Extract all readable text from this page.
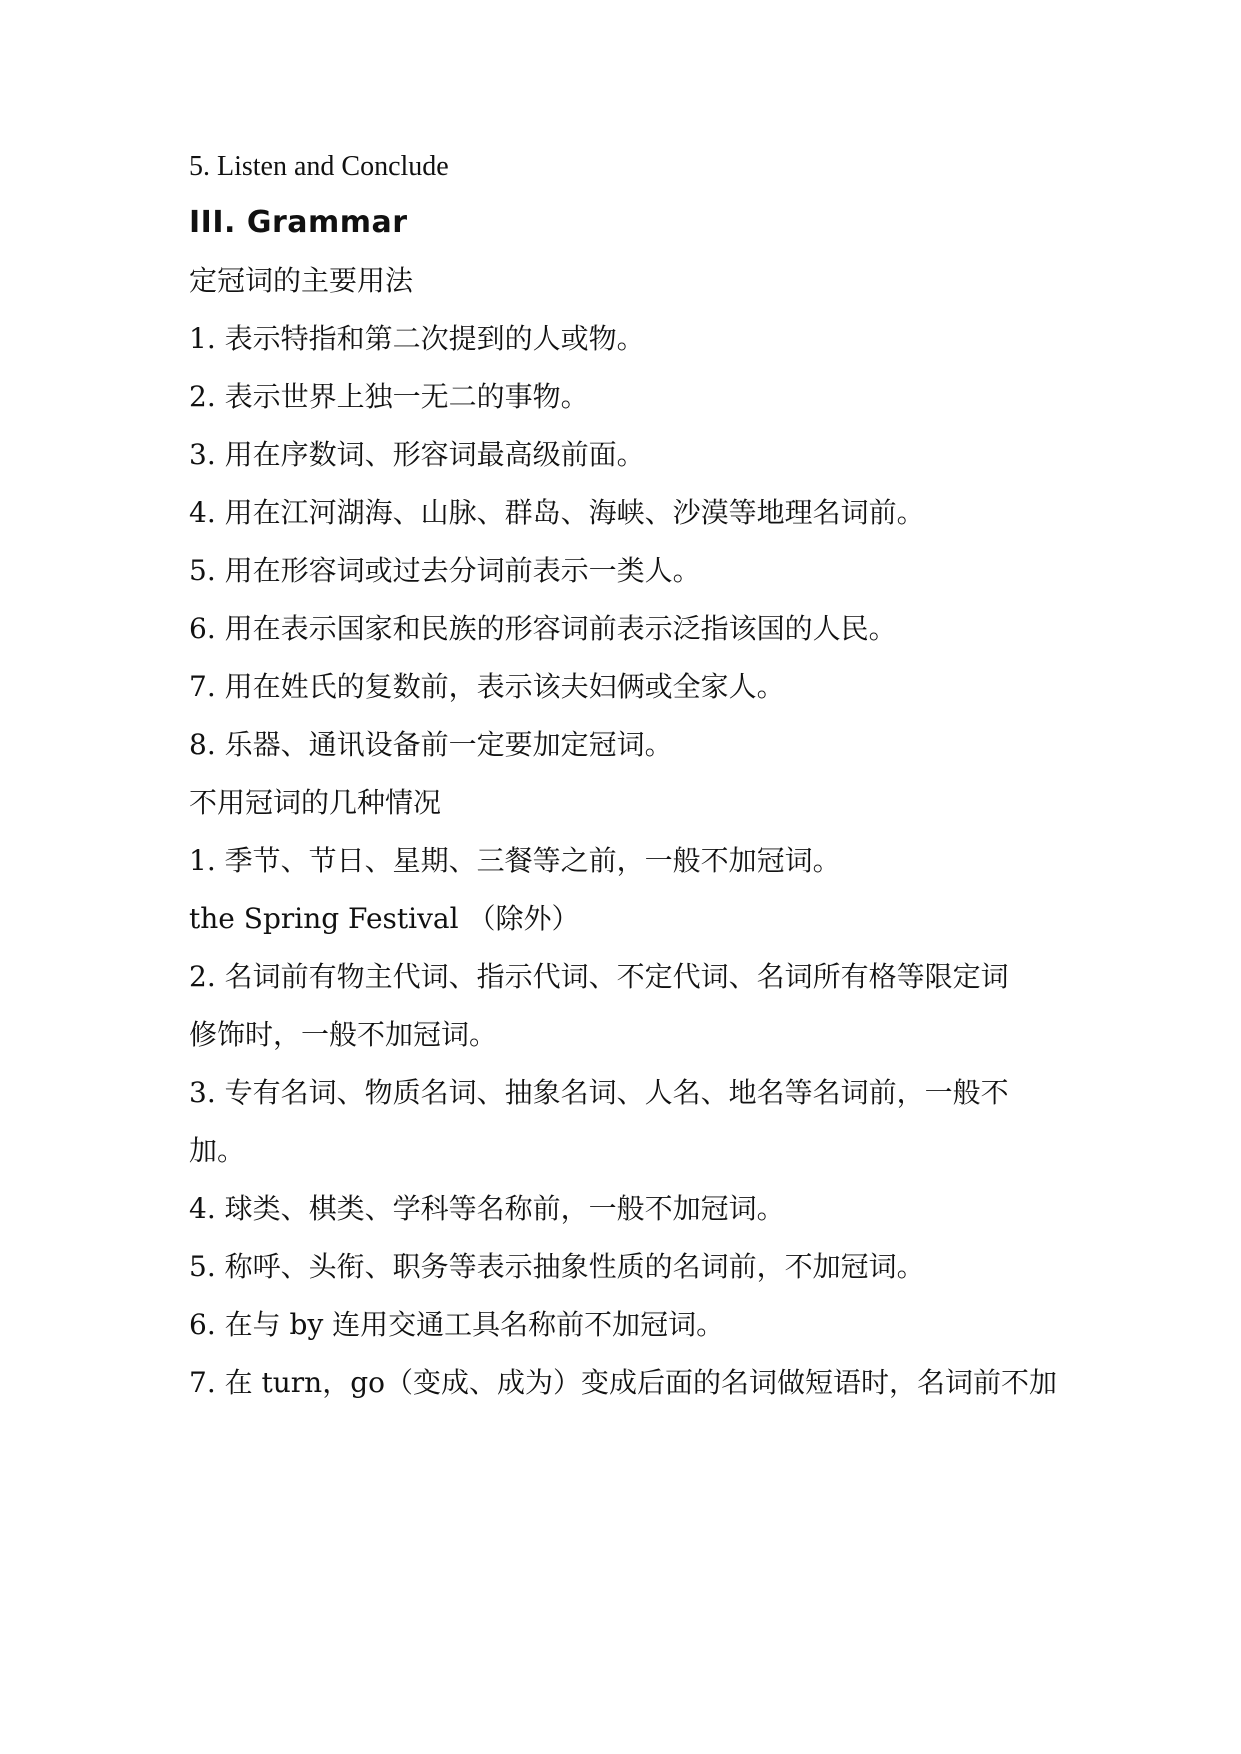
5. Listen and Conclude
III. Grammar
定冠词的主要用法
1. 表示特指和第二次提到的人或物。
2. 表示世界上独一无二的事物。
3. 用在序数词、形容词最高级前面。
4. 用在江河湖海、山脉、群岛、海峡、沙漠等地理名词前。
5. 用在形容词或过去分词前表示一类人。
6. 用在表示国家和民族的形容词前表示泛指该国的人民。
7. 用在姓氏的复数前，表示该夫妇俩或全家人。
8. 乐器、通讯设备前一定要加定冠词。
不用冠词的几种情况
1. 季节、节日、星期、三餐等之前，一般不加冠词。
the Spring Festival （除外）
2. 名词前有物主代词、指示代词、不定代词、名词所有格等限定词
修饰时，一般不加冠词。
3. 专有名词、物质名词、抽象名词、人名、地名等名词前，一般不
加。
4. 球类、棋类、学科等名称前，一般不加冠词。
5. 称呼、头衔、职务等表示抽象性质的名词前，不加冠词。
6. 在与 by 连用交通工具名称前不加冠词。
7. 在 turn，go（变成、成为）变成后面的名词做短语时，名词前不加
